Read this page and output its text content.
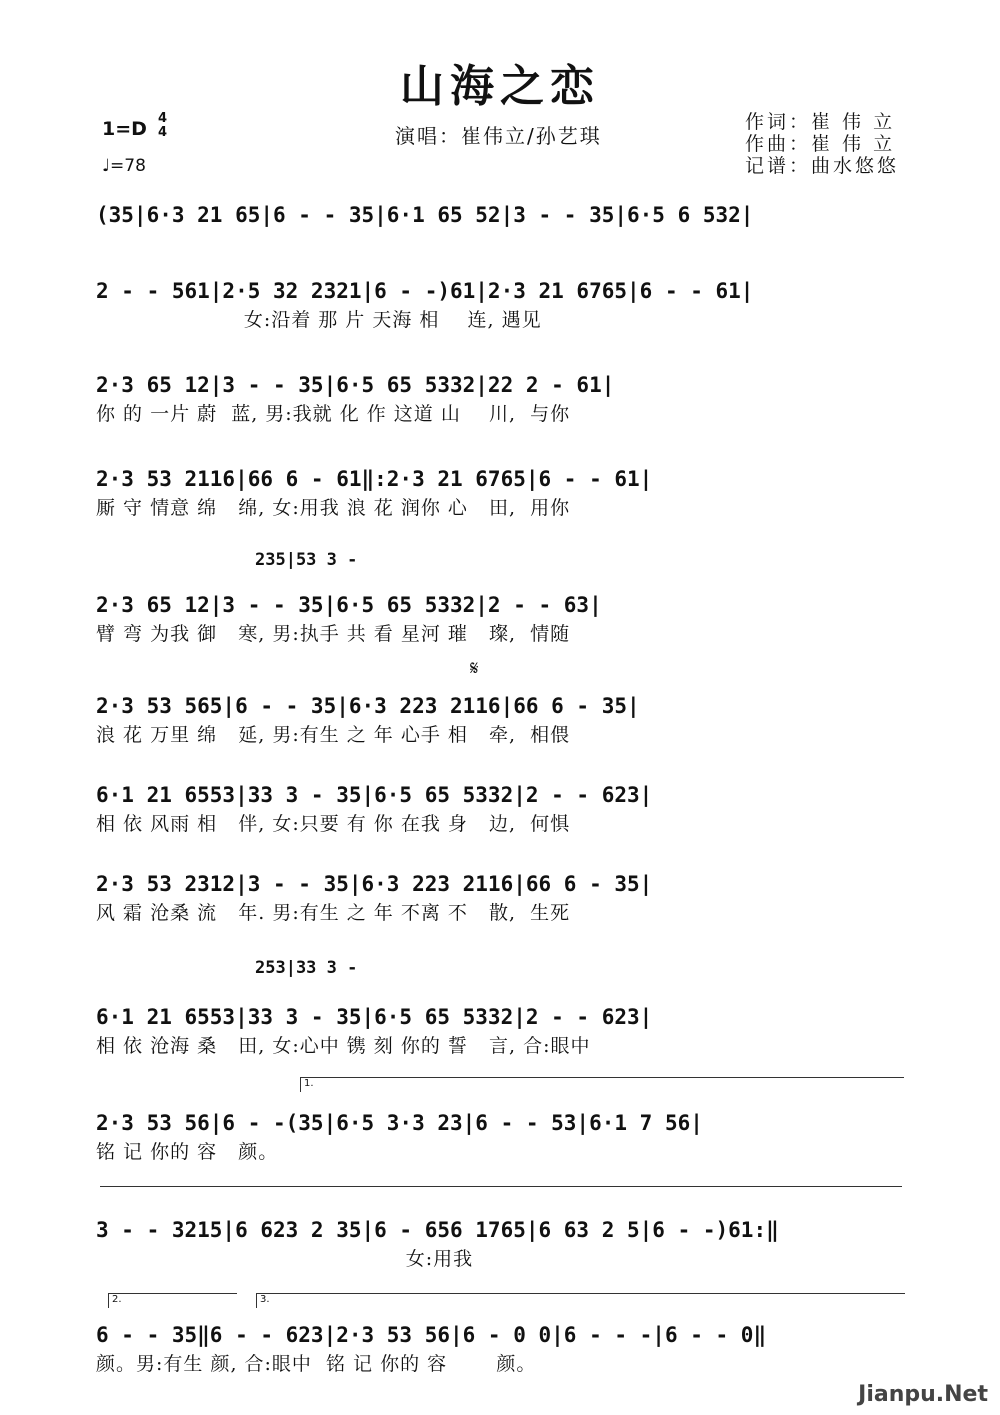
山海之恋
1=D 4
4
♩=78
演唱：崔伟立/孙艺琪
作词：崔 伟 立
作曲：崔 伟 立
记谱：曲水悠悠
(35|6·3 21 65|6 - - 35|6·1 65 52|3 - - 35|6·5 6 532|
2 - - 561|2·5 32 2321|6 - -)61|2·3 21 6765|6 - - 61|
女:沿着 那 片 天海 相    连, 遇见
2·3 65 12|3 - - 35|6·5 65 5332|22 2 - 61|
你 的 一片 蔚  蓝, 男:我就 化 作 这道 山    川,  与你
2·3 53 2116|66 6 - 61‖:2·3 21 6765|6 - - 61|
厮 守 情意 绵   绵, 女:用我 浪 花 润你 心   田,  用你
235|53 3 -
2·3 65 12|3 - - 35|6·5 65 5332|2 - - 63|
臂 弯 为我 御   寒, 男:执手 共 看 星河 璀   璨,  情随
𝄋
2·3 53 565|6 - - 35|6·3 223 2116|66 6 - 35|
浪 花 万里 绵   延, 男:有生 之 年 心手 相   牵,  相偎
6·1 21 6553|33 3 - 35|6·5 65 5332|2 - - 623|
相 依 风雨 相   伴, 女:只要 有 你 在我 身   边,  何惧
2·3 53 2312|3 - - 35|6·3 223 2116|66 6 - 35|
风 霜 沧桑 流   年. 男:有生 之 年 不离 不   散,  生死
253|33 3 -
6·1 21 6553|33 3 - 35|6·5 65 5332|2 - - 623|
相 依 沧海 桑   田, 女:心中 镌 刻 你的 誓   言, 合:眼中
1.
2·3 53 56|6 - -(35|6·5 3·3 23|6 - - 53|6·1 7 56|
铭 记 你的 容   颜。
3 - - 3215|6 623 2 35|6 - 656 1765|6 63 2 5|6 - -)61:‖
女:用我
2.	3.
6 - - 35‖6 - - 623|2·3 53 56|6 - 0 0|6 - - -|6 - - 0‖
颜。男:有生 颜, 合:眼中  铭 记 你的 容       颜。
Jianpu.Net
